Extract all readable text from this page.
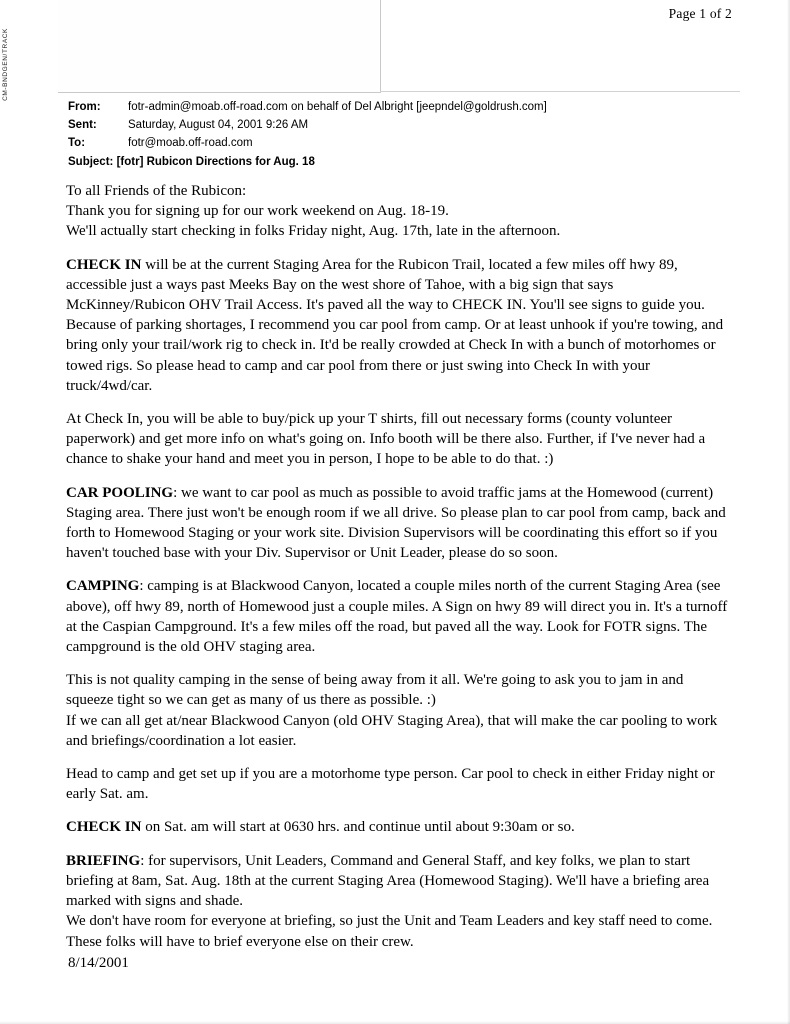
Page 1 of 2
CM-BNDGEN/TRACK
From:	fotr-admin@moab.off-road.com on behalf of Del Albright [jeepndel@goldrush.com]
Sent:	Saturday, August 04, 2001 9:26 AM
To:	fotr@moab.off-road.com
Subject: [fotr] Rubicon Directions for Aug. 18

To all Friends of the Rubicon:

Thank you for signing up for our work weekend on Aug. 18-19.

We'll actually start checking in folks Friday night, Aug. 17th, late in the afternoon.

CHECK IN will be at the current Staging Area for the Rubicon Trail, located a few miles off hwy 89, accessible just a ways past Meeks Bay on the west shore of Tahoe, with a big sign that says McKinney/Rubicon OHV Trail Access. It's paved all the way to CHECK IN. You'll see signs to guide you.

Because of parking shortages, I recommend you car pool from camp. Or at least unhook if you're towing, and bring only your trail/work rig to check in. It'd be really crowded at Check In with a bunch of motorhomes or towed rigs. So please head to camp and car pool from there or just swing into Check In with your truck/4wd/car.

At Check In, you will be able to buy/pick up your T shirts, fill out necessary forms (county volunteer paperwork) and get more info on what's going on. Info booth will be there also. Further, if I've never had a chance to shake your hand and meet you in person, I hope to be able to do that. :)

CAR POOLING: we want to car pool as much as possible to avoid traffic jams at the Homewood (current) Staging area. There just won't be enough room if we all drive. So please plan to car pool from camp, back and forth to Homewood Staging or your work site. Division Supervisors will be coordinating this effort so if you haven't touched base with your Div. Supervisor or Unit Leader, please do so soon.

CAMPING: camping is at Blackwood Canyon, located a couple miles north of the current Staging Area (see above), off hwy 89, north of Homewood just a couple miles. A Sign on hwy 89 will direct you in. It's a turnoff at the Caspian Campground. It's a few miles off the road, but paved all the way. Look for FOTR signs. The campground is the old OHV staging area.

This is not quality camping in the sense of being away from it all. We're going to ask you to jam in and squeeze tight so we can get as many of us there as possible. :)

If we can all get at/near Blackwood Canyon (old OHV Staging Area), that will make the car pooling to work and briefings/coordination a lot easier.

Head to camp and get set up if you are a motorhome type person. Car pool to check in either Friday night or early Sat. am.

CHECK IN on Sat. am will start at 0630 hrs. and continue until about 9:30am or so.

BRIEFING: for supervisors, Unit Leaders, Command and General Staff, and key folks, we plan to start briefing at 8am, Sat. Aug. 18th at the current Staging Area (Homewood Staging). We'll have a briefing area marked with signs and shade.

We don't have room for everyone at briefing, so just the Unit and Team Leaders and key staff need to come. These folks will have to brief everyone else on their crew.

8/14/2001
